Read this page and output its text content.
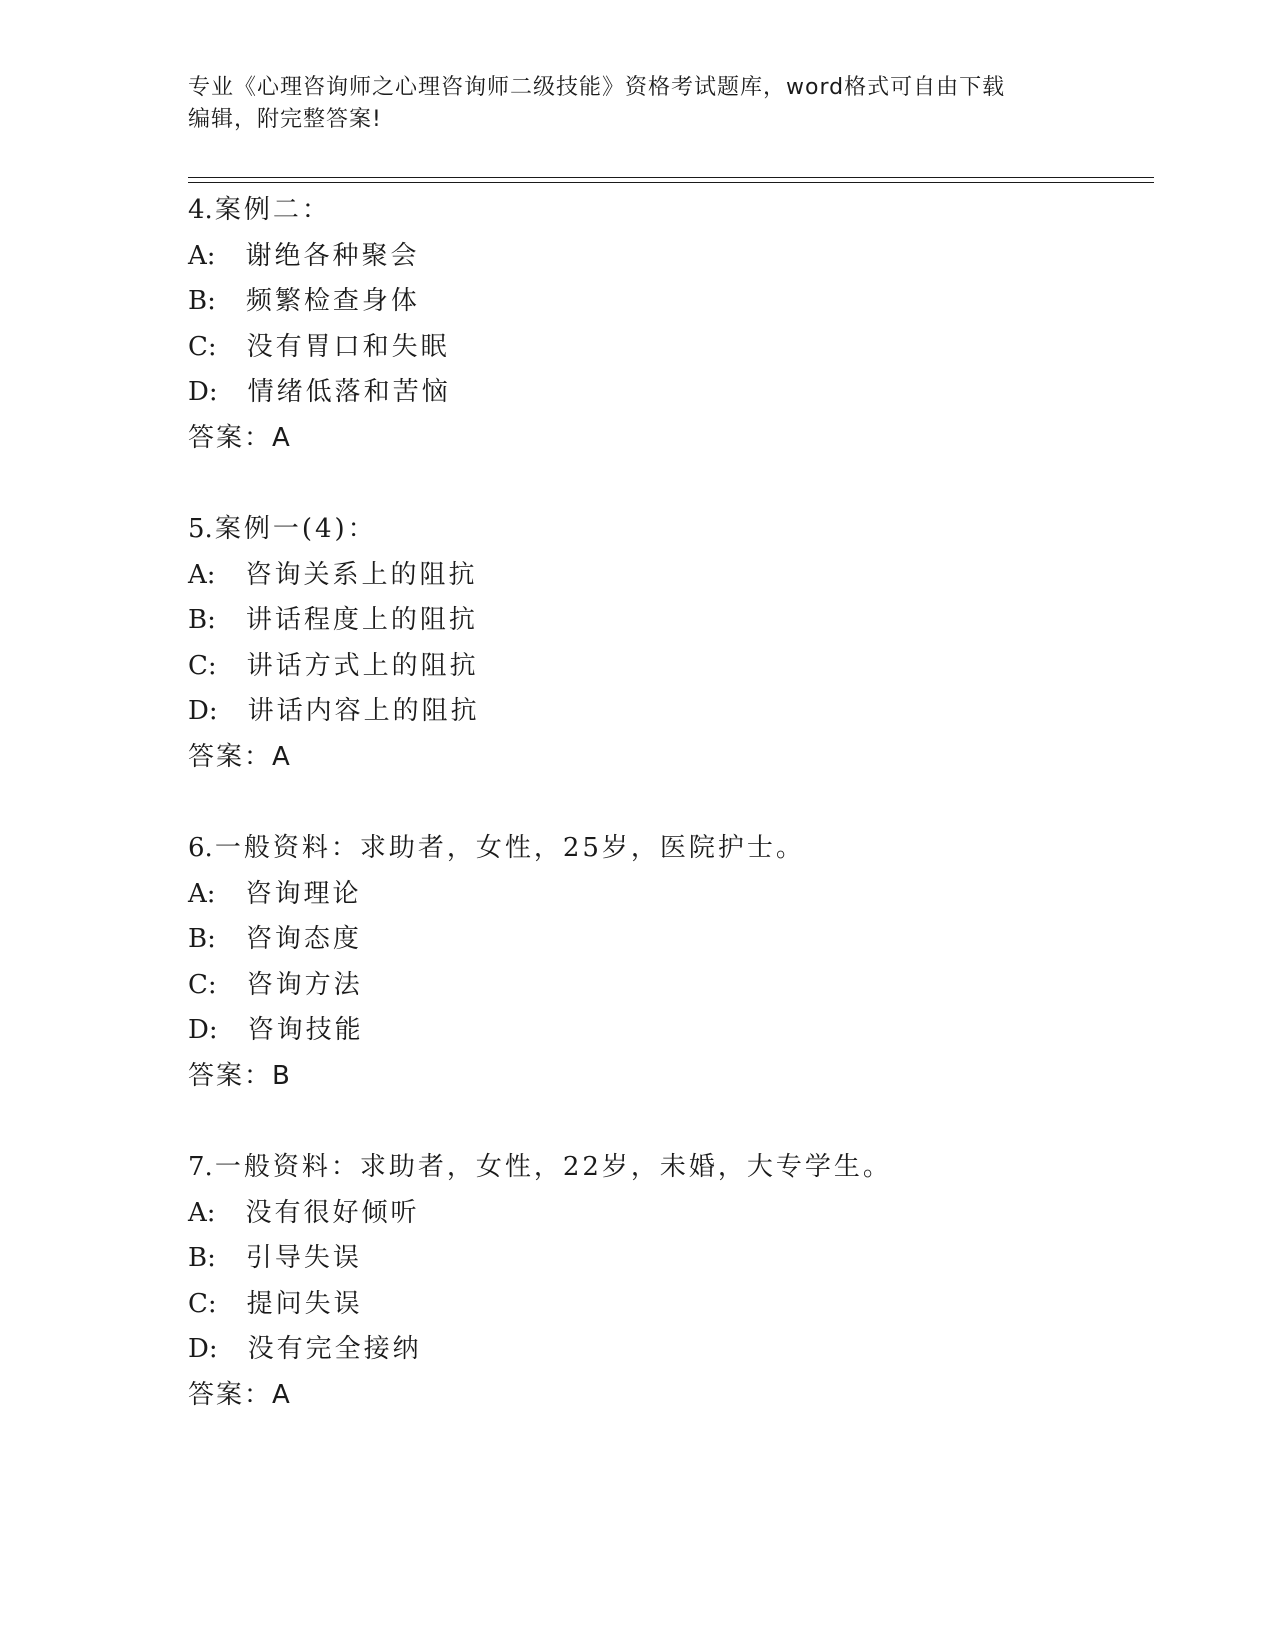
专业《心理咨询师之心理咨询师二级技能》资格考试题库，word格式可自由下载
编辑，附完整答案!
4.案例二：
A: 谢绝各种聚会
B: 频繁检查身体
C: 没有胃口和失眠
D: 情绪低落和苦恼
答案：A
5.案例一(4)：
A: 咨询关系上的阻抗
B: 讲话程度上的阻抗
C: 讲话方式上的阻抗
D: 讲话内容上的阻抗
答案：A
6.一般资料：求助者，女性，25岁，医院护士。
A: 咨询理论
B: 咨询态度
C: 咨询方法
D: 咨询技能
答案：B
7.一般资料：求助者，女性，22岁，未婚，大专学生。
A: 没有很好倾听
B: 引导失误
C: 提问失误
D: 没有完全接纳
答案：A
